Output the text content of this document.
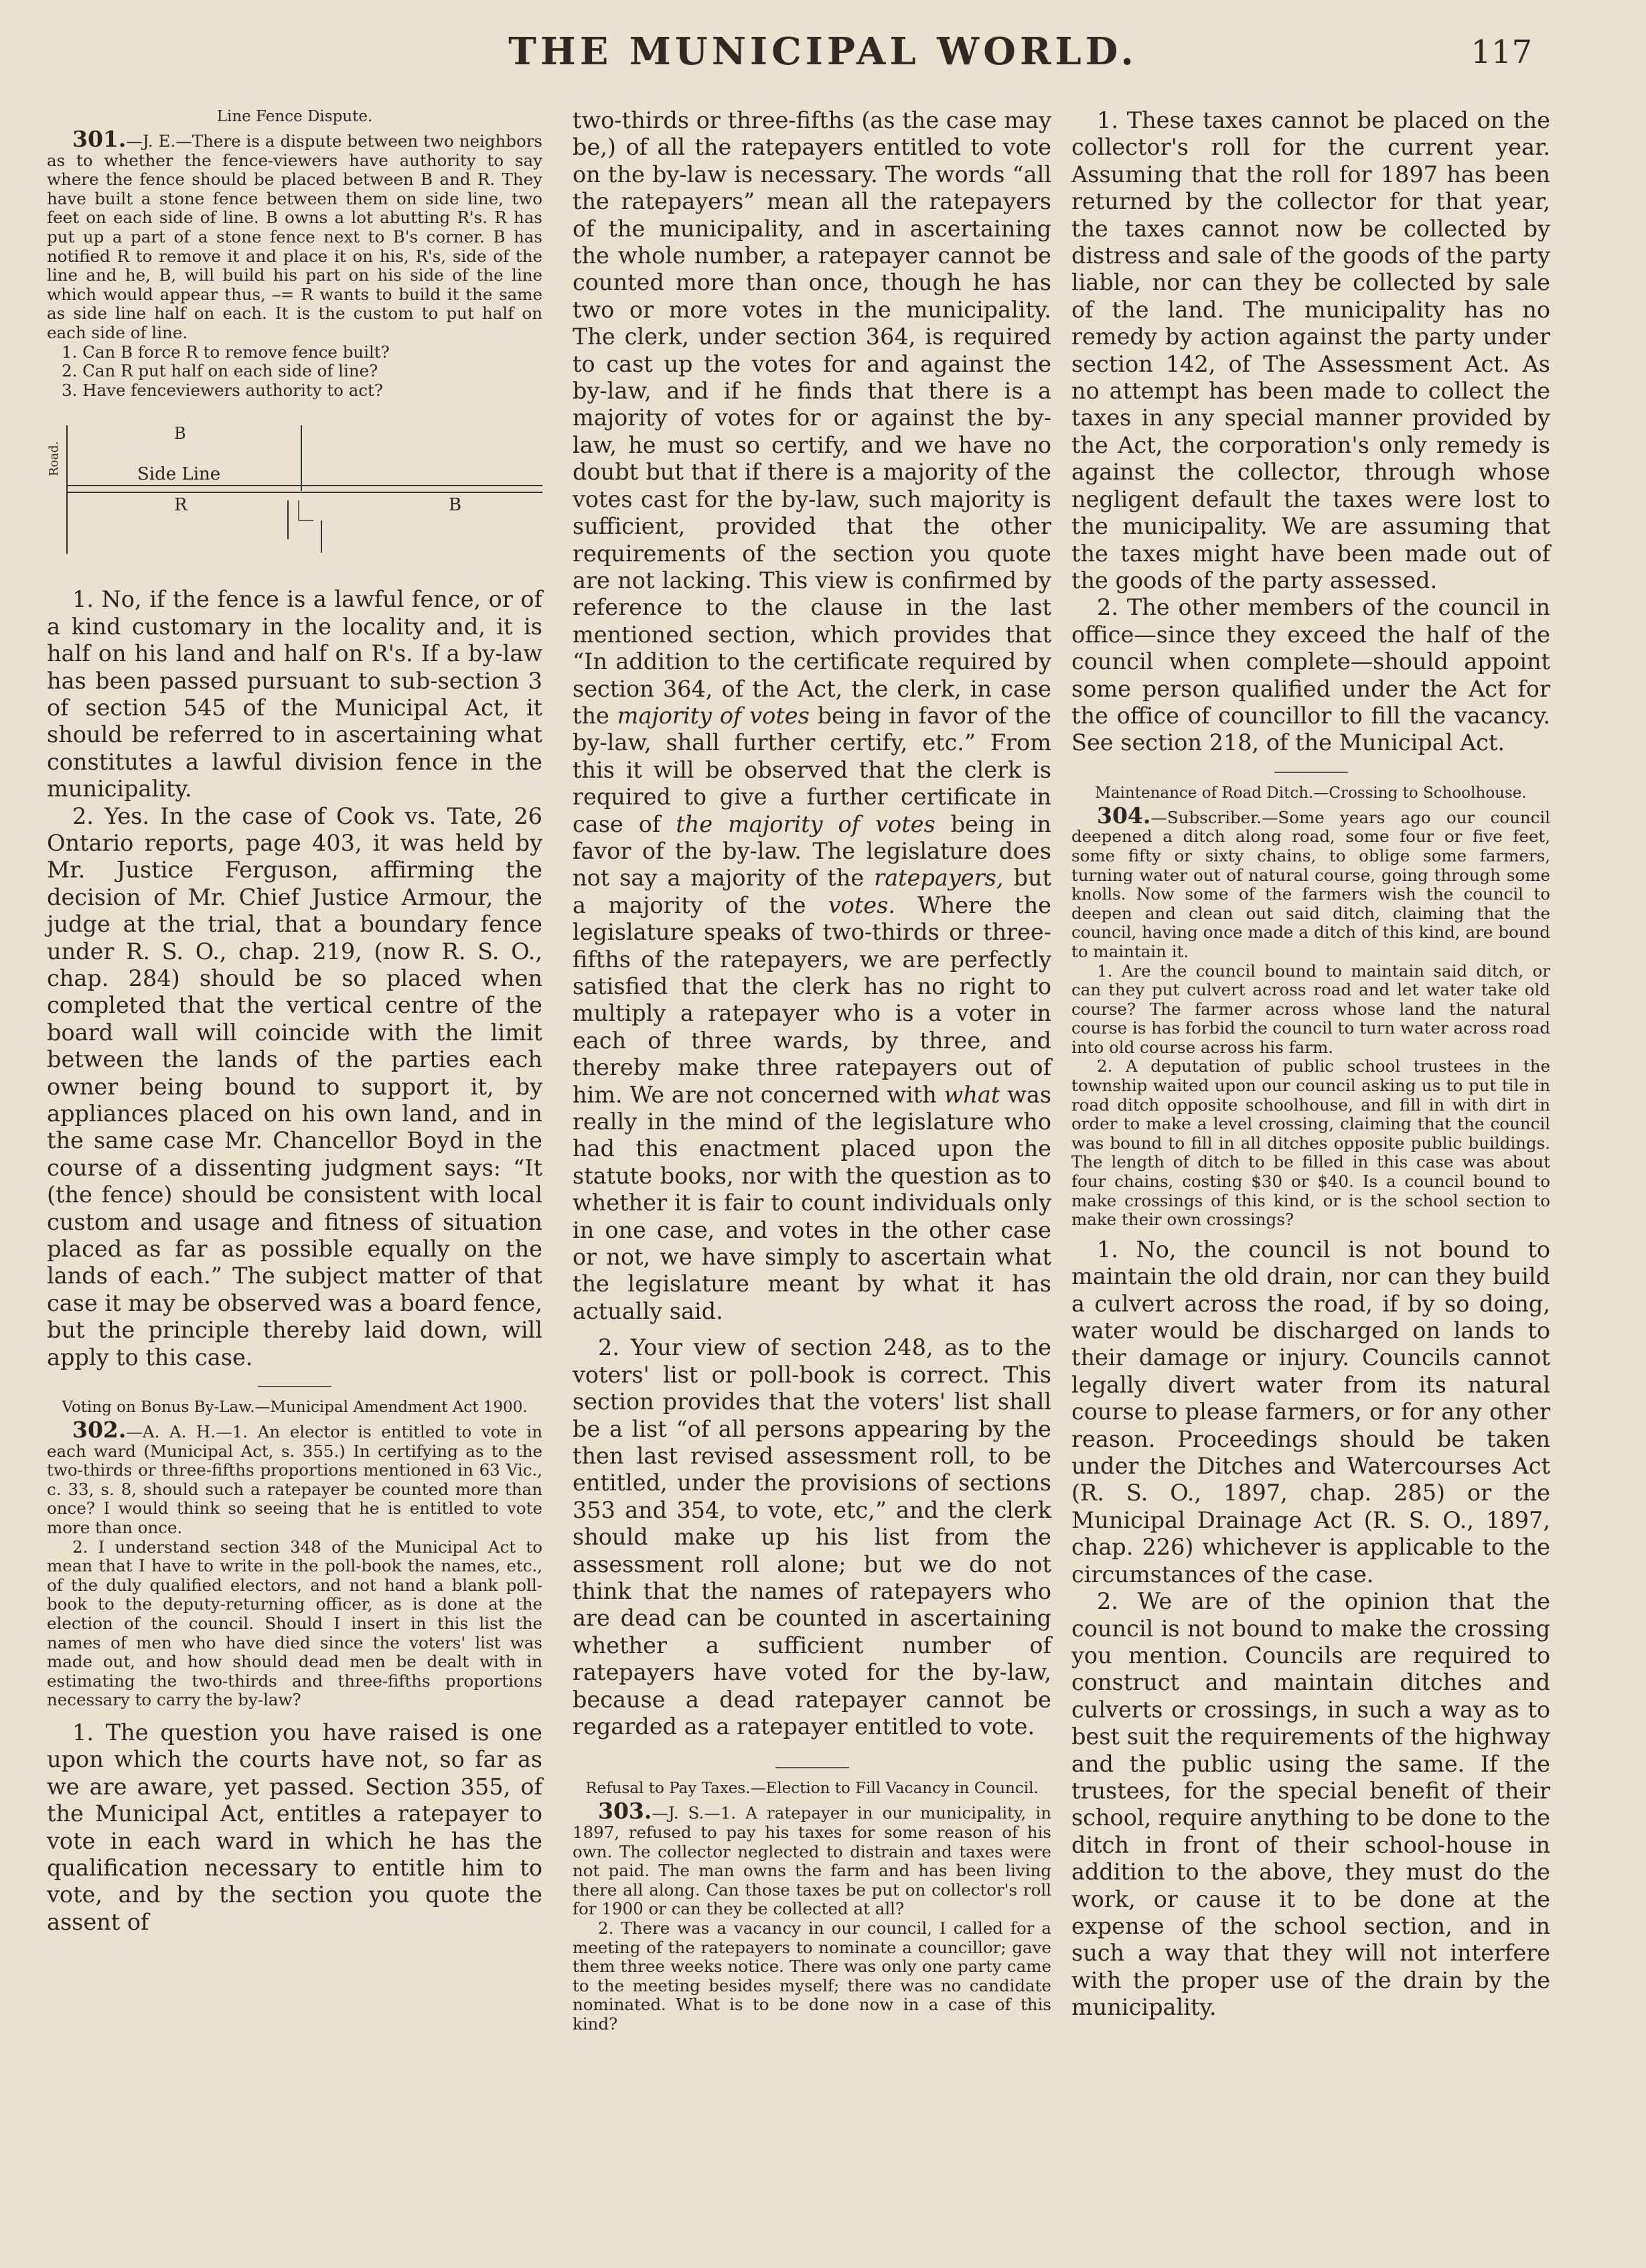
THE MUNICIPAL WORLD.	117

Line Fence Dispute.

301.—J. E.—There is a dispute between two neighbors as to whether the fence-viewers have authority to say where the fence should be placed between B and R. They have built a stone fence between them on side line, two feet on each side of line. B owns a lot abutting R's. R has put up a part of a stone fence next to B's corner. B has notified R to remove it and place it on his, R's, side of the line and he, B, will build his part on his side of the line which would appear thus, ⎯= R wants to build it the same as side line half on each. It is the custom to put half on each side of line.

1. Can B force R to remove fence built?

2. Can R put half on each side of line?

3. Have fenceviewers authority to act?

B
Side Line
R	B
Road.

1. No, if the fence is a lawful fence, or of a kind customary in the locality and, it is half on his land and half on R's. If a by-law has been passed pursuant to sub-section 3 of section 545 of the Municipal Act, it should be referred to in ascertaining what constitutes a lawful division fence in the municipality.

2. Yes. In the case of Cook vs. Tate, 26 Ontario reports, page 403, it was held by Mr. Justice Ferguson, affirming the decision of Mr. Chief Justice Armour, the judge at the trial, that a boundary fence under R. S. O., chap. 219, (now R. S. O., chap. 284) should be so placed when completed that the vertical centre of the board wall will coincide with the limit between the lands of the parties each owner being bound to support it, by appliances placed on his own land, and in the same case Mr. Chancellor Boyd in the course of a dissenting judgment says: “It (the fence) should be consistent with local custom and usage and fitness of situation placed as far as possible equally on the lands of each.” The subject matter of that case it may be observed was a board fence, but the principle thereby laid down, will apply to this case.

Voting on Bonus By-Law.—Municipal Amendment Act 1900.

302.—A. A. H.—1. An elector is entitled to vote in each ward (Municipal Act, s. 355.) In certifying as to the two-thirds or three-fifths proportions mentioned in 63 Vic., c. 33, s. 8, should such a ratepayer be counted more than once? I would think so seeing that he is entitled to vote more than once.

2. I understand section 348 of the Municipal Act to mean that I have to write in the poll-book the names, etc., of the duly qualified electors, and not hand a blank poll-book to the deputy-returning officer, as is done at the election of the council. Should I insert in this list the names of men who have died since the voters' list was made out, and how should dead men be dealt with in estimating the two-thirds and three-fifths proportions necessary to carry the by-law?

1. The question you have raised is one upon which the courts have not, so far as we are aware, yet passed. Section 355, of the Municipal Act, entitles a ratepayer to vote in each ward in which he has the qualification necessary to entitle him to vote, and by the section you quote the assent of

two-thirds or three-fifths (as the case may be,) of all the ratepayers entitled to vote on the by-law is necessary. The words “all the ratepayers” mean all the ratepayers of the municipality, and in ascertaining the whole number, a ratepayer cannot be counted more than once, though he has two or more votes in the municipality. The clerk, under section 364, is required to cast up the votes for and against the by-law, and if he finds that there is a majority of votes for or against the by-law, he must so certify, and we have no doubt but that if there is a majority of the votes cast for the by-law, such majority is sufficient, provided that the other requirements of the section you quote are not lacking. This view is confirmed by reference to the clause in the last mentioned section, which provides that “In addition to the certificate required by section 364, of the Act, the clerk, in case the majority of votes being in favor of the by-law, shall further certify, etc.” From this it will be observed that the clerk is required to give a further certificate in case of the majority of votes being in favor of the by-law. The legislature does not say a majority of the ratepayers, but a majority of the votes. Where the legislature speaks of two-thirds or three-fifths of the ratepayers, we are perfectly satisfied that the clerk has no right to multiply a ratepayer who is a voter in each of three wards, by three, and thereby make three ratepayers out of him. We are not concerned with what was really in the mind of the legislature who had this enactment placed upon the statute books, nor with the question as to whether it is fair to count individuals only in one case, and votes in the other case or not, we have simply to ascertain what the legislature meant by what it has actually said.

2. Your view of section 248, as to the voters' list or poll-book is correct. This section provides that the voters' list shall be a list “of all persons appearing by the then last revised assessment roll, to be entitled, under the provisions of sections 353 and 354, to vote, etc,” and the clerk should make up his list from the assessment roll alone; but we do not think that the names of ratepayers who are dead can be counted in ascertaining whether a sufficient number of ratepayers have voted for the by-law, because a dead ratepayer cannot be regarded as a ratepayer entitled to vote.

Refusal to Pay Taxes.—Election to Fill Vacancy in Council.

303.—J. S.—1. A ratepayer in our municipality, in 1897, refused to pay his taxes for some reason of his own. The collector neglected to distrain and taxes were not paid. The man owns the farm and has been living there all along. Can those taxes be put on collector's roll for 1900 or can they be collected at all?

2. There was a vacancy in our council, I called for a meeting of the ratepayers to nominate a councillor; gave them three weeks notice. There was only one party came to the meeting besides myself; there was no candidate nominated. What is to be done now in a case of this kind?

1. These taxes cannot be placed on the collector's roll for the current year. Assuming that the roll for 1897 has been returned by the collector for that year, the taxes cannot now be collected by distress and sale of the goods of the party liable, nor can they be collected by sale of the land. The municipality has no remedy by action against the party under section 142, of The Assessment Act. As no attempt has been made to collect the taxes in any special manner provided by the Act, the corporation's only remedy is against the collector, through whose negligent default the taxes were lost to the municipality. We are assuming that the taxes might have been made out of the goods of the party assessed.

2. The other members of the council in office—since they exceed the half of the council when complete—should appoint some person qualified under the Act for the office of councillor to fill the vacancy. See section 218, of the Municipal Act.

Maintenance of Road Ditch.—Crossing to Schoolhouse.

304.—Subscriber.—Some years ago our council deepened a ditch along road, some four or five feet, some fifty or sixty chains, to oblige some farmers, turning water out of natural course, going through some knolls. Now some of the farmers wish the council to deepen and clean out said ditch, claiming that the council, having once made a ditch of this kind, are bound to maintain it.

1. Are the council bound to maintain said ditch, or can they put culvert across road and let water take old course? The farmer across whose land the natural course is has forbid the council to turn water across road into old course across his farm.

2. A deputation of public school trustees in the township waited upon our council asking us to put tile in road ditch opposite schoolhouse, and fill in with dirt in order to make a level crossing, claiming that the council was bound to fill in all ditches opposite public buildings. The length of ditch to be filled in this case was about four chains, costing $30 or $40. Is a council bound to make crossings of this kind, or is the school section to make their own crossings?

1. No, the council is not bound to maintain the old drain, nor can they build a culvert across the road, if by so doing, water would be discharged on lands to their damage or injury. Councils cannot legally divert water from its natural course to please farmers, or for any other reason. Proceedings should be taken under the Ditches and Watercourses Act (R. S. O., 1897, chap. 285) or the Municipal Drainage Act (R. S. O., 1897, chap. 226) whichever is applicable to the circumstances of the case.

2. We are of the opinion that the council is not bound to make the crossing you mention. Councils are required to construct and maintain ditches and culverts or crossings, in such a way as to best suit the requirements of the highway and the public using the same. If the trustees, for the special benefit of their school, require anything to be done to the ditch in front of their school-house in addition to the above, they must do the work, or cause it to be done at the expense of the school section, and in such a way that they will not interfere with the proper use of the drain by the municipality.
